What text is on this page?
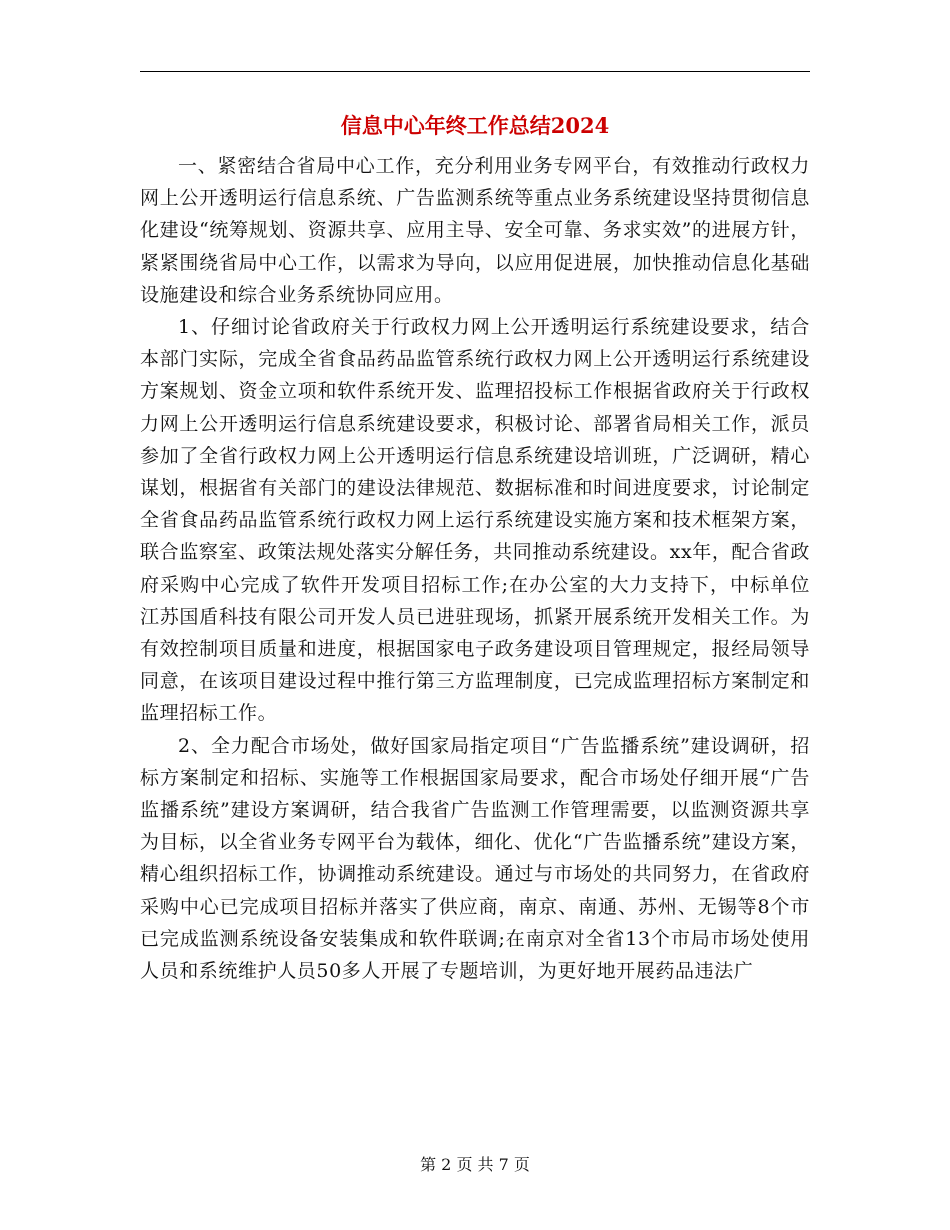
信息中心年终工作总结2024

一、紧密结合省局中心工作，充分利用业务专网平台，有效推动行政权力网上公开透明运行信息系统、广告监测系统等重点业务系统建设坚持贯彻信息化建设“统筹规划、资源共享、应用主导、安全可靠、务求实效”的进展方针，紧紧围绕省局中心工作，以需求为导向，以应用促进展，加快推动信息化基础设施建设和综合业务系统协同应用。

1、仔细讨论省政府关于行政权力网上公开透明运行系统建设要求，结合本部门实际，完成全省食品药品监管系统行政权力网上公开透明运行系统建设方案规划、资金立项和软件系统开发、监理招投标工作根据省政府关于行政权力网上公开透明运行信息系统建设要求，积极讨论、部署省局相关工作，派员参加了全省行政权力网上公开透明运行信息系统建设培训班，广泛调研，精心谋划，根据省有关部门的建设法律规范、数据标准和时间进度要求，讨论制定全省食品药品监管系统行政权力网上运行系统建设实施方案和技术框架方案，联合监察室、政策法规处落实分解任务，共同推动系统建设。xx年，配合省政府采购中心完成了软件开发项目招标工作;在办公室的大力支持下，中标单位江苏国盾科技有限公司开发人员已进驻现场，抓紧开展系统开发相关工作。为有效控制项目质量和进度，根据国家电子政务建设项目管理规定，报经局领导同意，在该项目建设过程中推行第三方监理制度，已完成监理招标方案制定和监理招标工作。

2、全力配合市场处，做好国家局指定项目“广告监播系统”建设调研，招标方案制定和招标、实施等工作根据国家局要求，配合市场处仔细开展“广告监播系统”建设方案调研，结合我省广告监测工作管理需要，以监测资源共享为目标，以全省业务专网平台为载体，细化、优化“广告监播系统”建设方案，精心组织招标工作，协调推动系统建设。通过与市场处的共同努力，在省政府采购中心已完成项目招标并落实了供应商，南京、南通、苏州、无锡等8个市已完成监测系统设备安装集成和软件联调;在南京对全省13个市局市场处使用人员和系统维护人员50多人开展了专题培训，为更好地开展药品违法广

第 2 页 共 7 页
